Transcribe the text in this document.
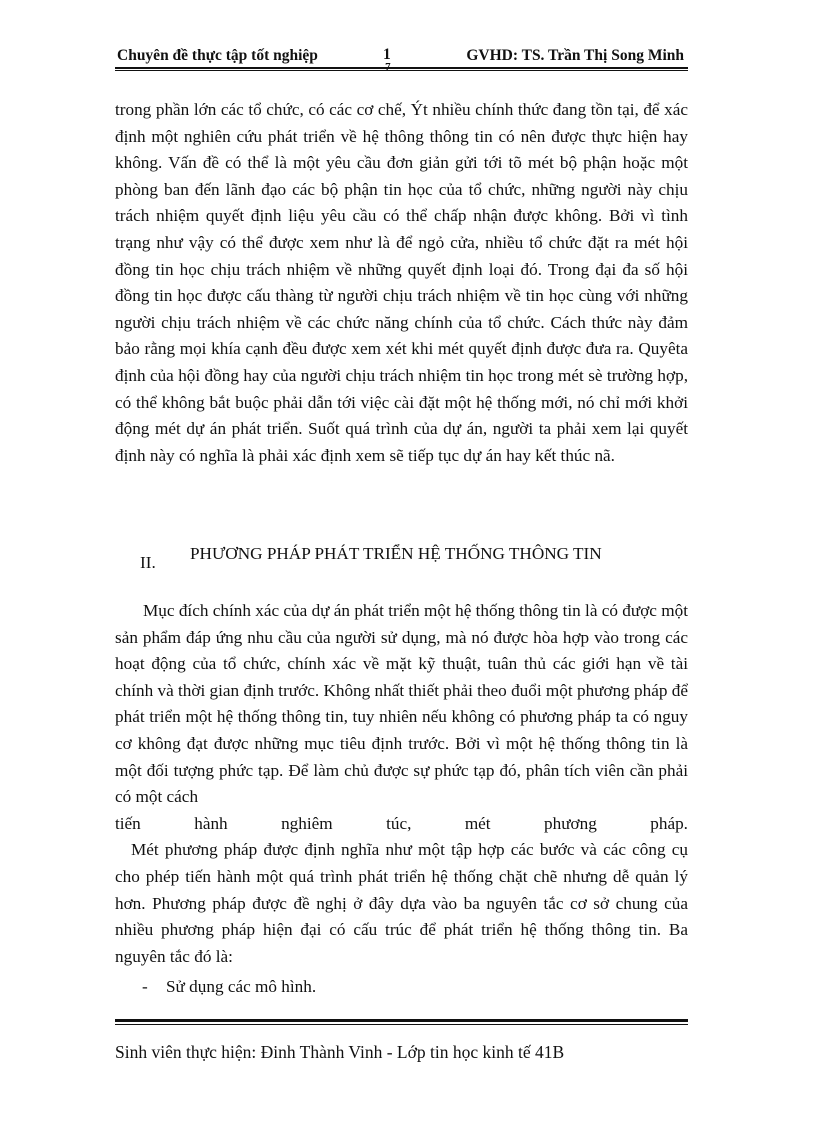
Chuyên đề thực tập tốt nghiệp	1	GVHD: TS. Trần Thị Song Minh

trong phần lớn các tổ chức, có các cơ chế, Ýt nhiều chính thức đang tồn tại, để xác định một nghiên cứu phát triển về hệ thông thông tin có nên được thực hiện hay không. Vấn đề có thể là một yêu cầu đơn giản gửi tới tõ mét bộ phận hoặc một phòng ban đến lãnh đạo các bộ phận tin học của tổ chức, những người này chịu trách nhiệm quyết định liệu yêu cầu có thể chấp nhận được không. Bởi vì tình trạng như vậy có thể được xem như là để ngỏ cửa, nhiều tổ chức đặt ra mét hội đồng tin học chịu trách nhiệm về những quyết định loại đó. Trong đại đa số hội đồng tin học được cấu thàng từ người chịu trách nhiệm về tin học cùng với những người chịu trách nhiệm về các chức năng chính của tổ chức. Cách thức này đảm bảo rằng mọi khía cạnh đều được xem xét khi mét quyết định được đưa ra. Quyêta định của hội đồng hay của người chịu trách nhiệm tin học trong mét sè trường hợp, có thể không bắt buộc phải dẫn tới việc cài đặt một hệ thống mới, nó chỉ mới khởi động mét dự án phát triển. Suốt quá trình của dự án, người ta phải xem lại quyết định này có nghĩa là phải xác định xem sẽ tiếp tục dự án hay kết thúc nã.

II. PHƯƠNG PHÁP PHÁT TRIỂN HỆ THỐNG THÔNG TIN

Mục đích chính xác của dự án phát triển một hệ thống thông tin là có được một sản phẩm đáp ứng nhu cầu của người sử dụng, mà nó được hòa hợp vào trong các hoạt động của tổ chức, chính xác về mặt kỹ thuật, tuân thủ các giới hạn về tài chính và thời gian định trước. Không nhất thiết phải theo đuổi một phương pháp để phát triển một hệ thống thông tin, tuy nhiên nếu không có phương pháp ta có nguy cơ không đạt được những mục tiêu định trước. Bởi vì một hệ thống thông tin là một đối tượng phức tạp. Để làm chủ được sự phức tạp đó, phân tích viên cần phải có một cách

tiến	hành	nghiêm	túc,	mét	phương	pháp.

Mét phương pháp được định nghĩa như một tập hợp các bước và các công cụ cho phép tiến hành một quá trình phát triển hệ thống chặt chẽ nhưng dễ quản lý hơn. Phương pháp được đề nghị ở đây dựa vào ba nguyên tắc cơ sở chung của nhiều phương pháp hiện đại có cấu trúc để phát triển hệ thống thông tin. Ba nguyên tắc đó là:

-	Sử dụng các mô hình.
Sinh viên thực hiện: Đinh Thành Vinh - Lớp tin học kinh tế 41B
